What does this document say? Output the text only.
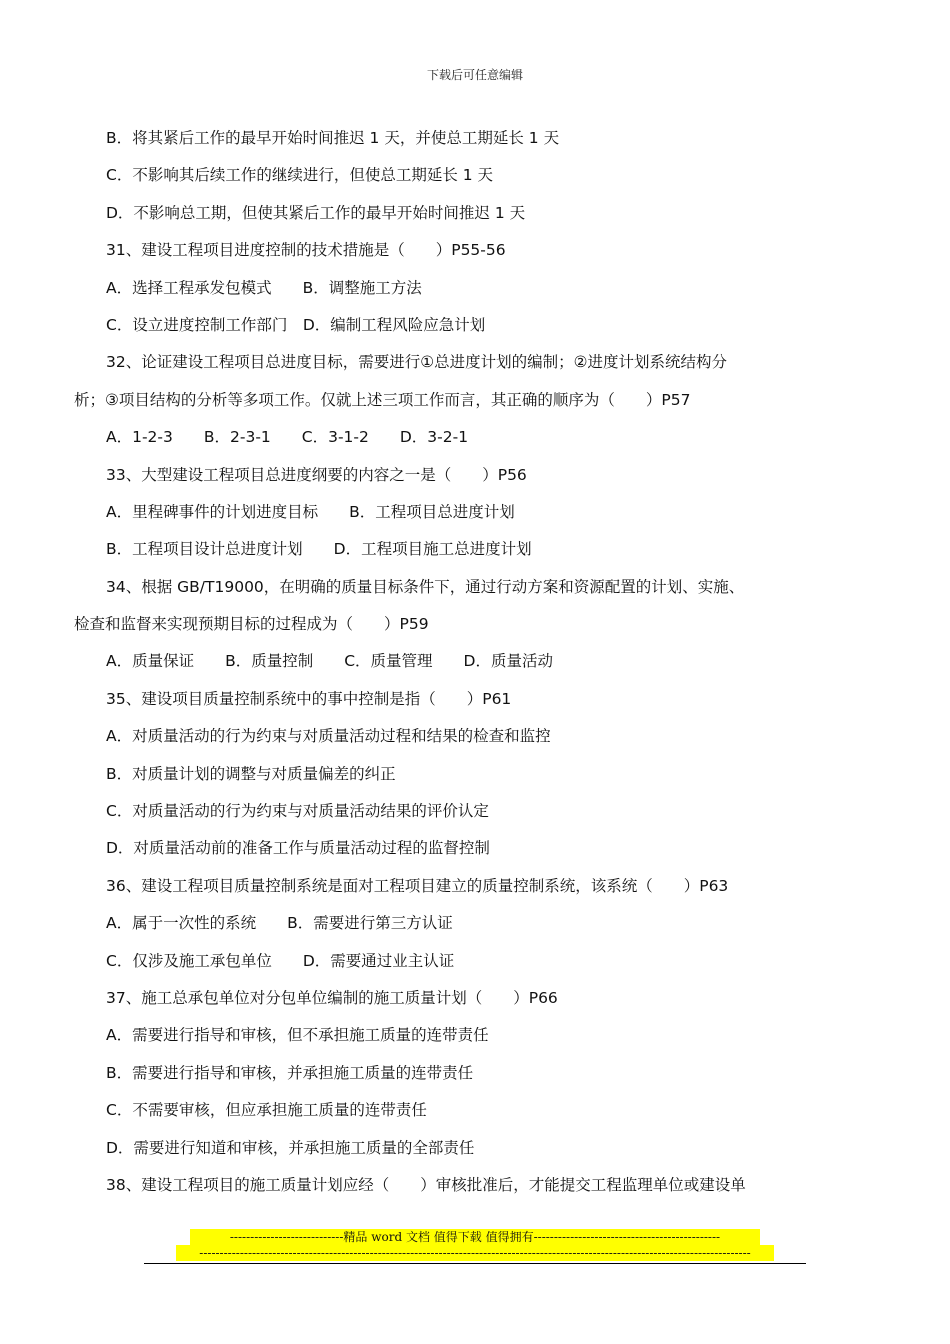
下载后可任意编辑
B．将其紧后工作的最早开始时间推迟 1 天，并使总工期延长 1 天
C．不影响其后续工作的继续进行，但使总工期延长 1 天
D．不影响总工期，但使其紧后工作的最早开始时间推迟 1 天
31、建设工程项目进度控制的技术措施是（　　）P55-56
A．选择工程承发包模式　　B．调整施工方法
C．设立进度控制工作部门　D．编制工程风险应急计划
32、论证建设工程项目总进度目标，需要进行①总进度计划的编制；②进度计划系统结构分
析；③项目结构的分析等多项工作。仅就上述三项工作而言，其正确的顺序为（　　）P57
A．1-2-3　　B．2-3-1　　C．3-1-2　　D．3-2-1
33、大型建设工程项目总进度纲要的内容之一是（　　）P56
A．里程碑事件的计划进度目标　　B．工程项目总进度计划
B．工程项目设计总进度计划　　D．工程项目施工总进度计划
34、根据 GB/T19000，在明确的质量目标条件下，通过行动方案和资源配置的计划、实施、
检查和监督来实现预期目标的过程成为（　　）P59
A．质量保证　　B．质量控制　　C．质量管理　　D．质量活动
35、建设项目质量控制系统中的事中控制是指（　　）P61
A．对质量活动的行为约束与对质量活动过程和结果的检查和监控
B．对质量计划的调整与对质量偏差的纠正
C．对质量活动的行为约束与对质量活动结果的评价认定
D．对质量活动前的准备工作与质量活动过程的监督控制
36、建设工程项目质量控制系统是面对工程项目建立的质量控制系统，该系统（　　）P63
A．属于一次性的系统　　B．需要进行第三方认证
C．仅涉及施工承包单位　　D．需要通过业主认证
37、施工总承包单位对分包单位编制的施工质量计划（　　）P66
A．需要进行指导和审核，但不承担施工质量的连带责任
B．需要进行指导和审核，并承担施工质量的连带责任
C．不需要审核，但应承担施工质量的连带责任
D．需要进行知道和审核，并承担施工质量的全部责任
38、建设工程项目的施工质量计划应经（　　）审核批准后，才能提交工程监理单位或建设单
----------------------------精品 word 文档 值得下载 值得拥有----------------------------------------------
----------------------------------------------------------------------------------------------------------------------------------------
